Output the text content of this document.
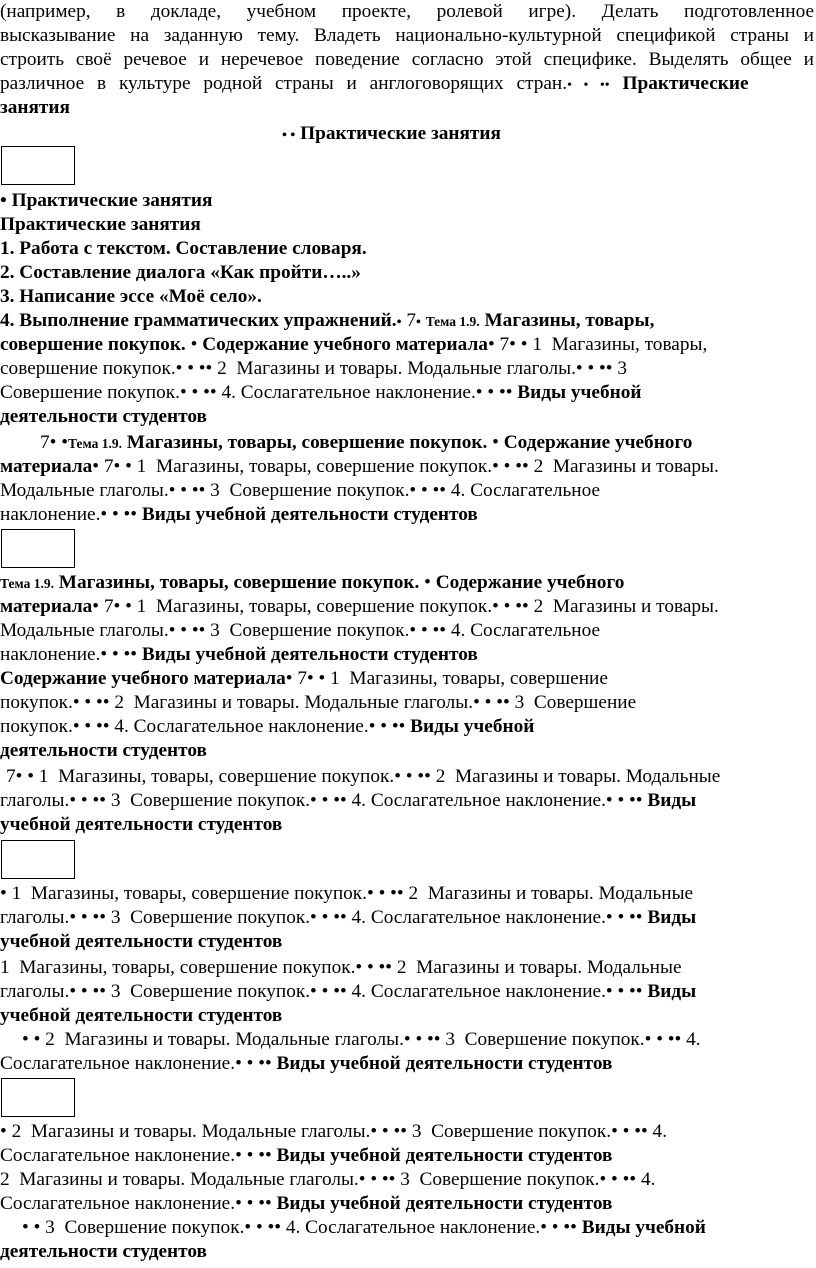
(например, в докладе, учебном проекте, ролевой игре). Делать подготовленное
высказывание на заданную тему. Владеть национально-культурной спецификой страны и
строить своё речевое и неречевое поведение согласно этой специфике. Выделять общее и
различное в культуре родной страны и англоговорящих стран.• • •• Практические
занятия
• • Практические занятия
• Практические занятия
Практические занятия
1. Работа с текстом. Составление словаря.
2. Составление диалога «Как пройти…..»
3. Написание эссе «Моё село».
4. Выполнение грамматических упражнений.• 7• Тема 1.9. Магазины, товары,
совершение покупок. • Содержание учебного материала• 7• • 1 Магазины, товары,
совершение покупок.• • •• 2 Магазины и товары. Модальные глаголы.• • •• 3
Совершение покупок.• • •• 4. Сослагательное наклонение.• • •• Виды учебной
деятельности студентов
7• •Тема 1.9. Магазины, товары, совершение покупок. • Содержание учебного
материала• 7• • 1 Магазины, товары, совершение покупок.• • •• 2 Магазины и товары.
Модальные глаголы.• • •• 3 Совершение покупок.• • •• 4. Сослагательное
наклонение.• • •• Виды учебной деятельности студентов
Тема 1.9. Магазины, товары, совершение покупок. • Содержание учебного
материала• 7• • 1 Магазины, товары, совершение покупок.• • •• 2 Магазины и товары.
Модальные глаголы.• • •• 3 Совершение покупок.• • •• 4. Сослагательное
наклонение.• • •• Виды учебной деятельности студентов
Содержание учебного материала• 7• • 1 Магазины, товары, совершение
покупок.• • •• 2 Магазины и товары. Модальные глаголы.• • •• 3 Совершение
покупок.• • •• 4. Сослагательное наклонение.• • •• Виды учебной
деятельности студентов
7• • 1 Магазины, товары, совершение покупок.• • •• 2 Магазины и товары. Модальные
глаголы.• • •• 3 Совершение покупок.• • •• 4. Сослагательное наклонение.• • •• Виды
учебной деятельности студентов
• 1 Магазины, товары, совершение покупок.• • •• 2 Магазины и товары. Модальные
глаголы.• • •• 3 Совершение покупок.• • •• 4. Сослагательное наклонение.• • •• Виды
учебной деятельности студентов
1 Магазины, товары, совершение покупок.• • •• 2 Магазины и товары. Модальные
глаголы.• • •• 3 Совершение покупок.• • •• 4. Сослагательное наклонение.• • •• Виды
учебной деятельности студентов
• • 2 Магазины и товары. Модальные глаголы.• • •• 3 Совершение покупок.• • •• 4.
Сослагательное наклонение.• • •• Виды учебной деятельности студентов
• 2 Магазины и товары. Модальные глаголы.• • •• 3 Совершение покупок.• • •• 4.
Сослагательное наклонение.• • •• Виды учебной деятельности студентов
2 Магазины и товары. Модальные глаголы.• • •• 3 Совершение покупок.• • •• 4.
Сослагательное наклонение.• • •• Виды учебной деятельности студентов
• • 3 Совершение покупок.• • •• 4. Сослагательное наклонение.• • •• Виды учебной
деятельности студентов
